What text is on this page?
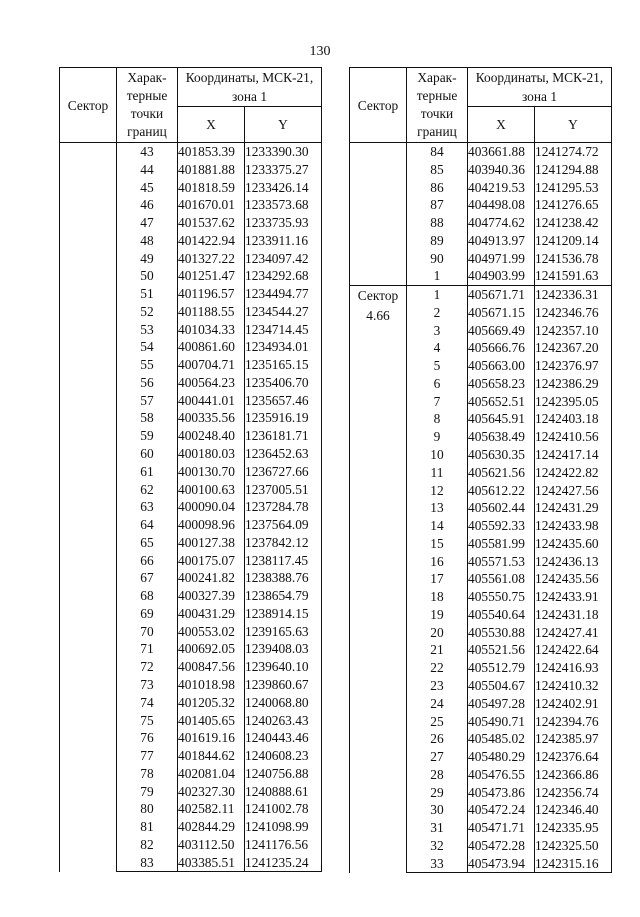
130
Сектор	Харак- терные точки границ	Координаты, МСК-21, зона 1	
		X	Y
	43	401853.39	1233390.30
	44	401881.88	1233375.27
	45	401818.59	1233426.14
	46	401670.01	1233573.68
	47	401537.62	1233735.93
	48	401422.94	1233911.16
	49	401327.22	1234097.42
	50	401251.47	1234292.68
	51	401196.57	1234494.77
	52	401188.55	1234544.27
	53	401034.33	1234714.45
	54	400861.60	1234934.01
	55	400704.71	1235165.15
	56	400564.23	1235406.70
	57	400441.01	1235657.46
	58	400335.56	1235916.19
	59	400248.40	1236181.71
	60	400180.03	1236452.63
	61	400130.70	1236727.66
	62	400100.63	1237005.51
	63	400090.04	1237284.78
	64	400098.96	1237564.09
	65	400127.38	1237842.12
	66	400175.07	1238117.45
	67	400241.82	1238388.76
	68	400327.39	1238654.79
	69	400431.29	1238914.15
	70	400553.02	1239165.63
	71	400692.05	1239408.03
	72	400847.56	1239640.10
	73	401018.98	1239860.67
	74	401205.32	1240068.80
	75	401405.65	1240263.43
	76	401619.16	1240443.46
	77	401844.62	1240608.23
	78	402081.04	1240756.88
	79	402327.30	1240888.61
	80	402582.11	1241002.78
	81	402844.29	1241098.99
	82	403112.50	1241176.56
	83	403385.51	1241235.24
Сектор	Харак- терные точки границ	Координаты, МСК-21, зона 1	
		X	Y
	84	403661.88	1241274.72
	85	403940.36	1241294.88
	86	404219.53	1241295.53
	87	404498.08	1241276.65
	88	404774.62	1241238.42
	89	404913.97	1241209.14
	90	404971.99	1241536.78
	1	404903.99	1241591.63

Сектор
4.66	1	405671.71	1242336.31
	2	405671.15	1242346.76
	3	405669.49	1242357.10
	4	405666.76	1242367.20
	5	405663.00	1242376.97
	6	405658.23	1242386.29
	7	405652.51	1242395.05
	8	405645.91	1242403.18
	9	405638.49	1242410.56
	10	405630.35	1242417.14
	11	405621.56	1242422.82
	12	405612.22	1242427.56
	13	405602.44	1242431.29
	14	405592.33	1242433.98
	15	405581.99	1242435.60
	16	405571.53	1242436.13
	17	405561.08	1242435.56
	18	405550.75	1242433.91
	19	405540.64	1242431.18
	20	405530.88	1242427.41
	21	405521.56	1242422.64
	22	405512.79	1242416.93
	23	405504.67	1242410.32
	24	405497.28	1242402.91
	25	405490.71	1242394.76
	26	405485.02	1242385.97
	27	405480.29	1242376.64
	28	405476.55	1242366.86
	29	405473.86	1242356.74
	30	405472.24	1242346.40
	31	405471.71	1242335.95
	32	405472.28	1242325.50
	33	405473.94	1242315.16
